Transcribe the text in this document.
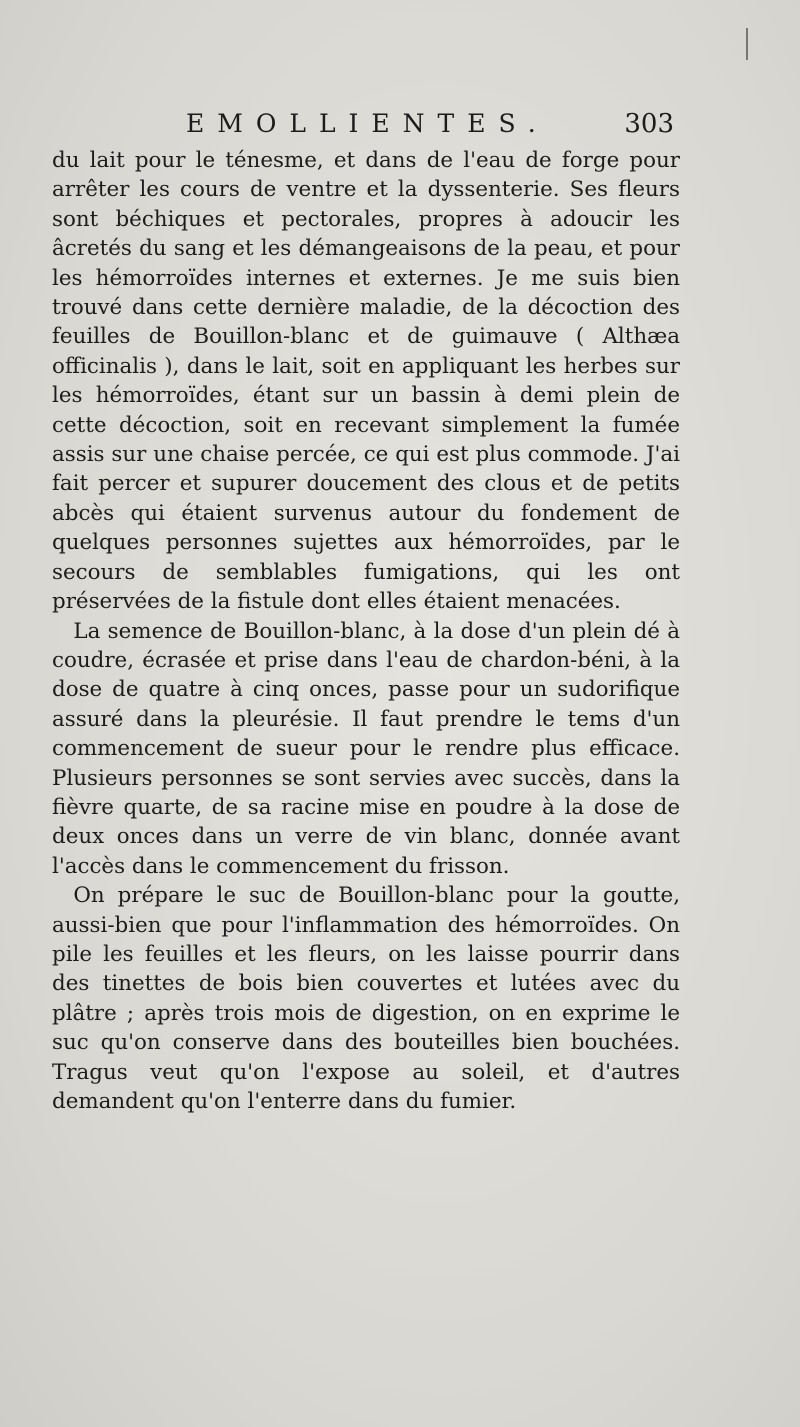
EMOLLIENTES.	303

du lait pour le ténesme, et dans de l'eau de forge pour arrêter les cours de ventre et la dyssenterie. Ses fleurs sont béchiques et pectorales, propres à adoucir les âcretés du sang et les démangeaisons de la peau, et pour les hémorroïdes internes et externes. Je me suis bien trouvé dans cette dernière maladie, de la décoction des feuilles de Bouillon-blanc et de guimauve ( Althæa officinalis ), dans le lait, soit en appliquant les herbes sur les hémorroïdes, étant sur un bassin à demi plein de cette décoction, soit en recevant simplement la fumée assis sur une chaise percée, ce qui est plus commode. J'ai fait percer et supurer doucement des clous et de petits abcès qui étaient survenus autour du fondement de quelques personnes sujettes aux hémorroïdes, par le secours de semblables fumigations, qui les ont préservées de la fistule dont elles étaient menacées.

La semence de Bouillon-blanc, à la dose d'un plein dé à coudre, écrasée et prise dans l'eau de chardon-béni, à la dose de quatre à cinq onces, passe pour un sudorifique assuré dans la pleurésie. Il faut prendre le tems d'un commencement de sueur pour le rendre plus efficace. Plusieurs personnes se sont servies avec succès, dans la fièvre quarte, de sa racine mise en poudre à la dose de deux onces dans un verre de vin blanc, donnée avant l'accès dans le commencement du frisson.

On prépare le suc de Bouillon-blanc pour la goutte, aussi-bien que pour l'inflammation des hémorroïdes. On pile les feuilles et les fleurs, on les laisse pourrir dans des tinettes de bois bien couvertes et lutées avec du plâtre ; après trois mois de digestion, on en exprime le suc qu'on conserve dans des bouteilles bien bouchées. Tragus veut qu'on l'expose au soleil, et d'autres demandent qu'on l'enterre dans du fumier.
